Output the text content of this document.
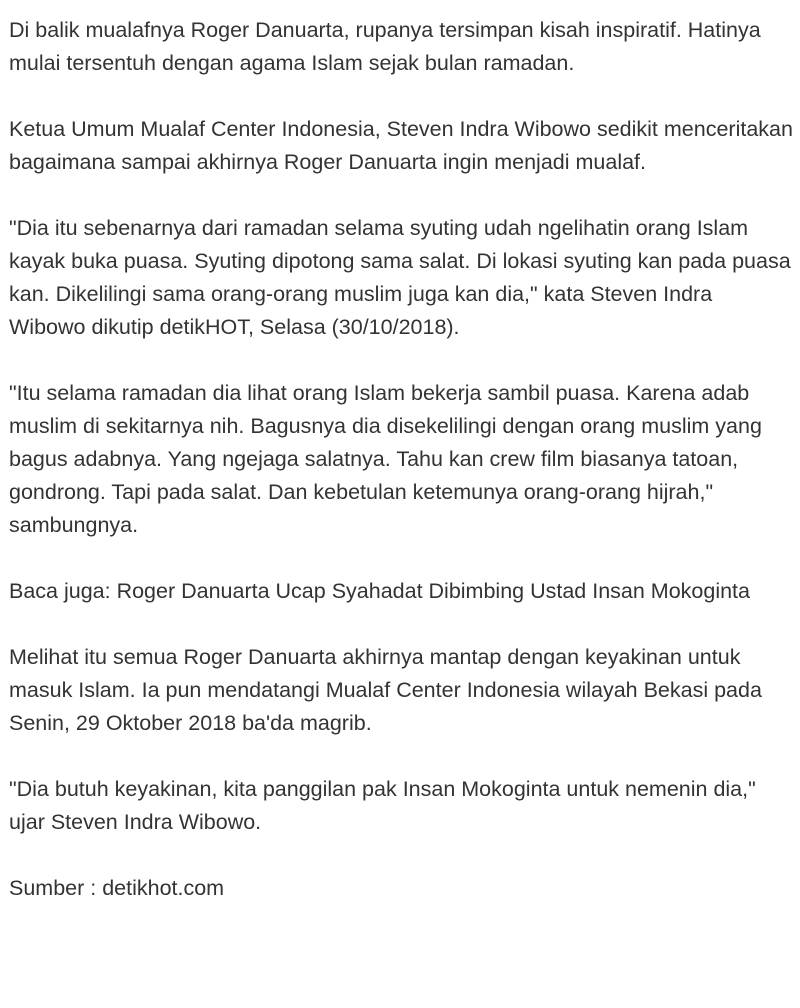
Di balik mualafnya Roger Danuarta, rupanya tersimpan kisah inspiratif. Hatinya mulai tersentuh dengan agama Islam sejak bulan ramadan.

Ketua Umum Mualaf Center Indonesia, Steven Indra Wibowo sedikit menceritakan bagaimana sampai akhirnya Roger Danuarta ingin menjadi mualaf.

"Dia itu sebenarnya dari ramadan selama syuting udah ngelihatin orang Islam kayak buka puasa. Syuting dipotong sama salat. Di lokasi syuting kan pada puasa kan. Dikelilingi sama orang-orang muslim juga kan dia," kata Steven Indra Wibowo dikutip detikHOT, Selasa (30/10/2018).

"Itu selama ramadan dia lihat orang Islam bekerja sambil puasa. Karena adab muslim di sekitarnya nih. Bagusnya dia disekelilingi dengan orang muslim yang bagus adabnya. Yang ngejaga salatnya. Tahu kan crew film biasanya tatoan, gondrong. Tapi pada salat. Dan kebetulan ketemunya orang-orang hijrah," sambungnya.

Baca juga: Roger Danuarta Ucap Syahadat Dibimbing Ustad Insan Mokoginta

Melihat itu semua Roger Danuarta akhirnya mantap dengan keyakinan untuk masuk Islam. Ia pun mendatangi Mualaf Center Indonesia wilayah Bekasi pada Senin, 29 Oktober 2018 ba'da magrib.

"Dia butuh keyakinan, kita panggilan pak Insan Mokoginta untuk nemenin dia," ujar Steven Indra Wibowo.

Sumber : detikhot.com
